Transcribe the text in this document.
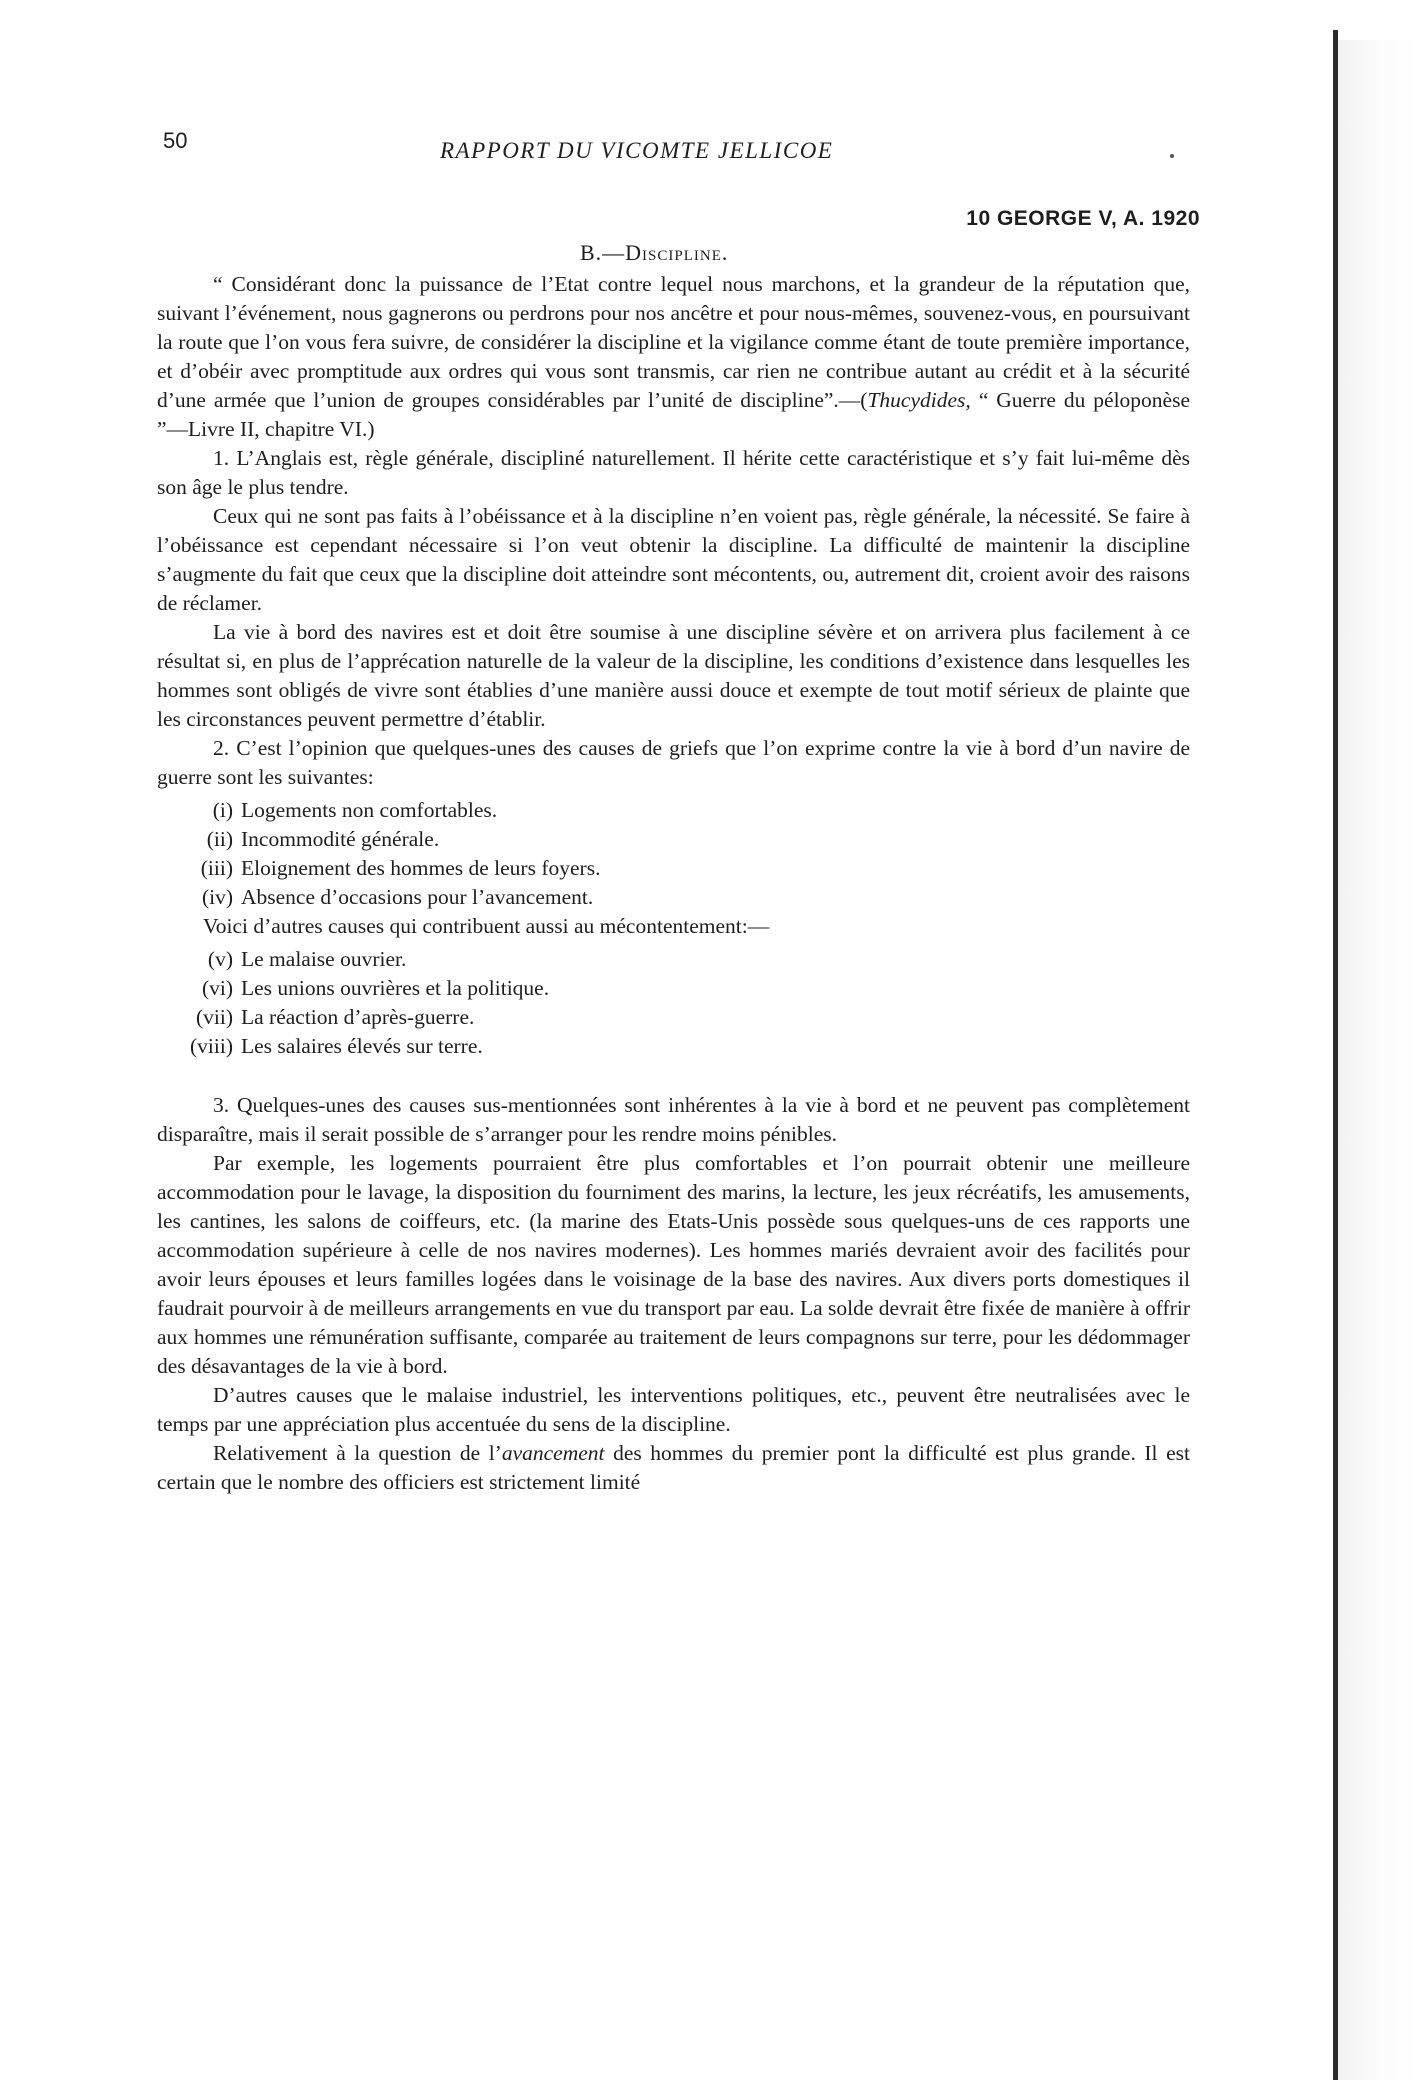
50	RAPPORT DU VICOMTE JELLICOE
10 GEORGE V, A. 1920
B.—Discipline.

“ Considérant donc la puissance de l’Etat contre lequel nous marchons, et la grandeur de la réputation que, suivant l’événement, nous gagnerons ou perdrons pour nos ancêtre et pour nous-mêmes, souvenez-vous, en poursuivant la route que l’on vous fera suivre, de considérer la discipline et la vigilance comme étant de toute première importance, et d’obéir avec promptitude aux ordres qui vous sont transmis, car rien ne contribue autant au crédit et à la sécurité d’une armée que l’union de groupes considérables par l’unité de discipline”.—(Thucydides, “ Guerre du péloponèse ”—Livre II, chapitre VI.)

1. L’Anglais est, règle générale, discipliné naturellement. Il hérite cette caractéristique et s’y fait lui-même dès son âge le plus tendre.

Ceux qui ne sont pas faits à l’obéissance et à la discipline n’en voient pas, règle générale, la nécessité. Se faire à l’obéissance est cependant nécessaire si l’on veut obtenir la discipline. La difficulté de maintenir la discipline s’augmente du fait que ceux que la discipline doit atteindre sont mécontents, ou, autrement dit, croient avoir des raisons de réclamer.

La vie à bord des navires est et doit être soumise à une discipline sévère et on arrivera plus facilement à ce résultat si, en plus de l’apprécation naturelle de la valeur de la discipline, les conditions d’existence dans lesquelles les hommes sont obligés de vivre sont établies d’une manière aussi douce et exempte de tout motif sérieux de plainte que les circonstances peuvent permettre d’établir.

2. C’est l’opinion que quelques-unes des causes de griefs que l’on exprime contre la vie à bord d’un navire de guerre sont les suivantes:

(i) Logements non comfortables.
(ii) Incommodité générale.
(iii) Eloignement des hommes de leurs foyers.
(iv) Absence d’occasions pour l’avancement.

Voici d’autres causes qui contribuent aussi au mécontentement:—

(v) Le malaise ouvrier.
(vi) Les unions ouvrières et la politique.
(vii) La réaction d’après-guerre.
(viii) Les salaires élevés sur terre.

3. Quelques-unes des causes sus-mentionnées sont inhérentes à la vie à bord et ne peuvent pas complètement disparaître, mais il serait possible de s’arranger pour les rendre moins pénibles.

Par exemple, les logements pourraient être plus comfortables et l’on pourrait obtenir une meilleure accommodation pour le lavage, la disposition du fourniment des marins, la lecture, les jeux récréatifs, les amusements, les cantines, les salons de coiffeurs, etc. (la marine des Etats-Unis possède sous quelques-uns de ces rapports une accommodation supérieure à celle de nos navires modernes). Les hommes mariés devraient avoir des facilités pour avoir leurs épouses et leurs familles logées dans le voisinage de la base des navires. Aux divers ports domestiques il faudrait pourvoir à de meilleurs arrangements en vue du transport par eau. La solde devrait être fixée de manière à offrir aux hommes une rémunération suffisante, comparée au traitement de leurs compagnons sur terre, pour les dédommager des désavantages de la vie à bord.

D’autres causes que le malaise industriel, les interventions politiques, etc., peuvent être neutralisées avec le temps par une appréciation plus accentuée du sens de la discipline.

Relativement à la question de l’avancement des hommes du premier pont la difficulté est plus grande. Il est certain que le nombre des officiers est strictement limité
